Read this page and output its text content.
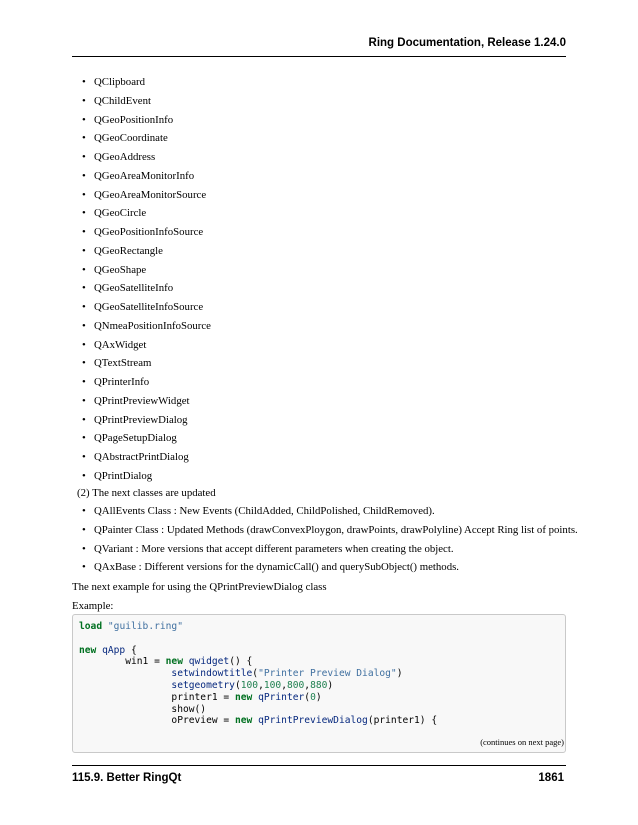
Ring Documentation, Release 1.24.0
• QClipboard
• QChildEvent
• QGeoPositionInfo
• QGeoCoordinate
• QGeoAddress
• QGeoAreaMonitorInfo
• QGeoAreaMonitorSource
• QGeoCircle
• QGeoPositionInfoSource
• QGeoRectangle
• QGeoShape
• QGeoSatelliteInfo
• QGeoSatelliteInfoSource
• QNmeaPositionInfoSource
• QAxWidget
• QTextStream
• QPrinterInfo
• QPrintPreviewWidget
• QPrintPreviewDialog
• QPageSetupDialog
• QAbstractPrintDialog
• QPrintDialog
(2) The next classes are updated
• QAllEvents Class : New Events (ChildAdded, ChildPolished, ChildRemoved).
• QPainter Class : Updated Methods (drawConvexPloygon, drawPoints, drawPolyline) Accept Ring list of points.
• QVariant : More versions that accept different parameters when creating the object.
• QAxBase : Different versions for the dynamicCall() and querySubObject() methods.
The next example for using the QPrintPreviewDialog class
Example:
load "guilib.ring"

new qApp {
win1 = new qwidget() {
setwindowtitle("Printer Preview Dialog")
setgeometry(100,100,800,880)
printer1 = new qPrinter(0)
show()
oPreview = new qPrintPreviewDialog(printer1) {
(continues on next page)
115.9. Better RingQt	1861
